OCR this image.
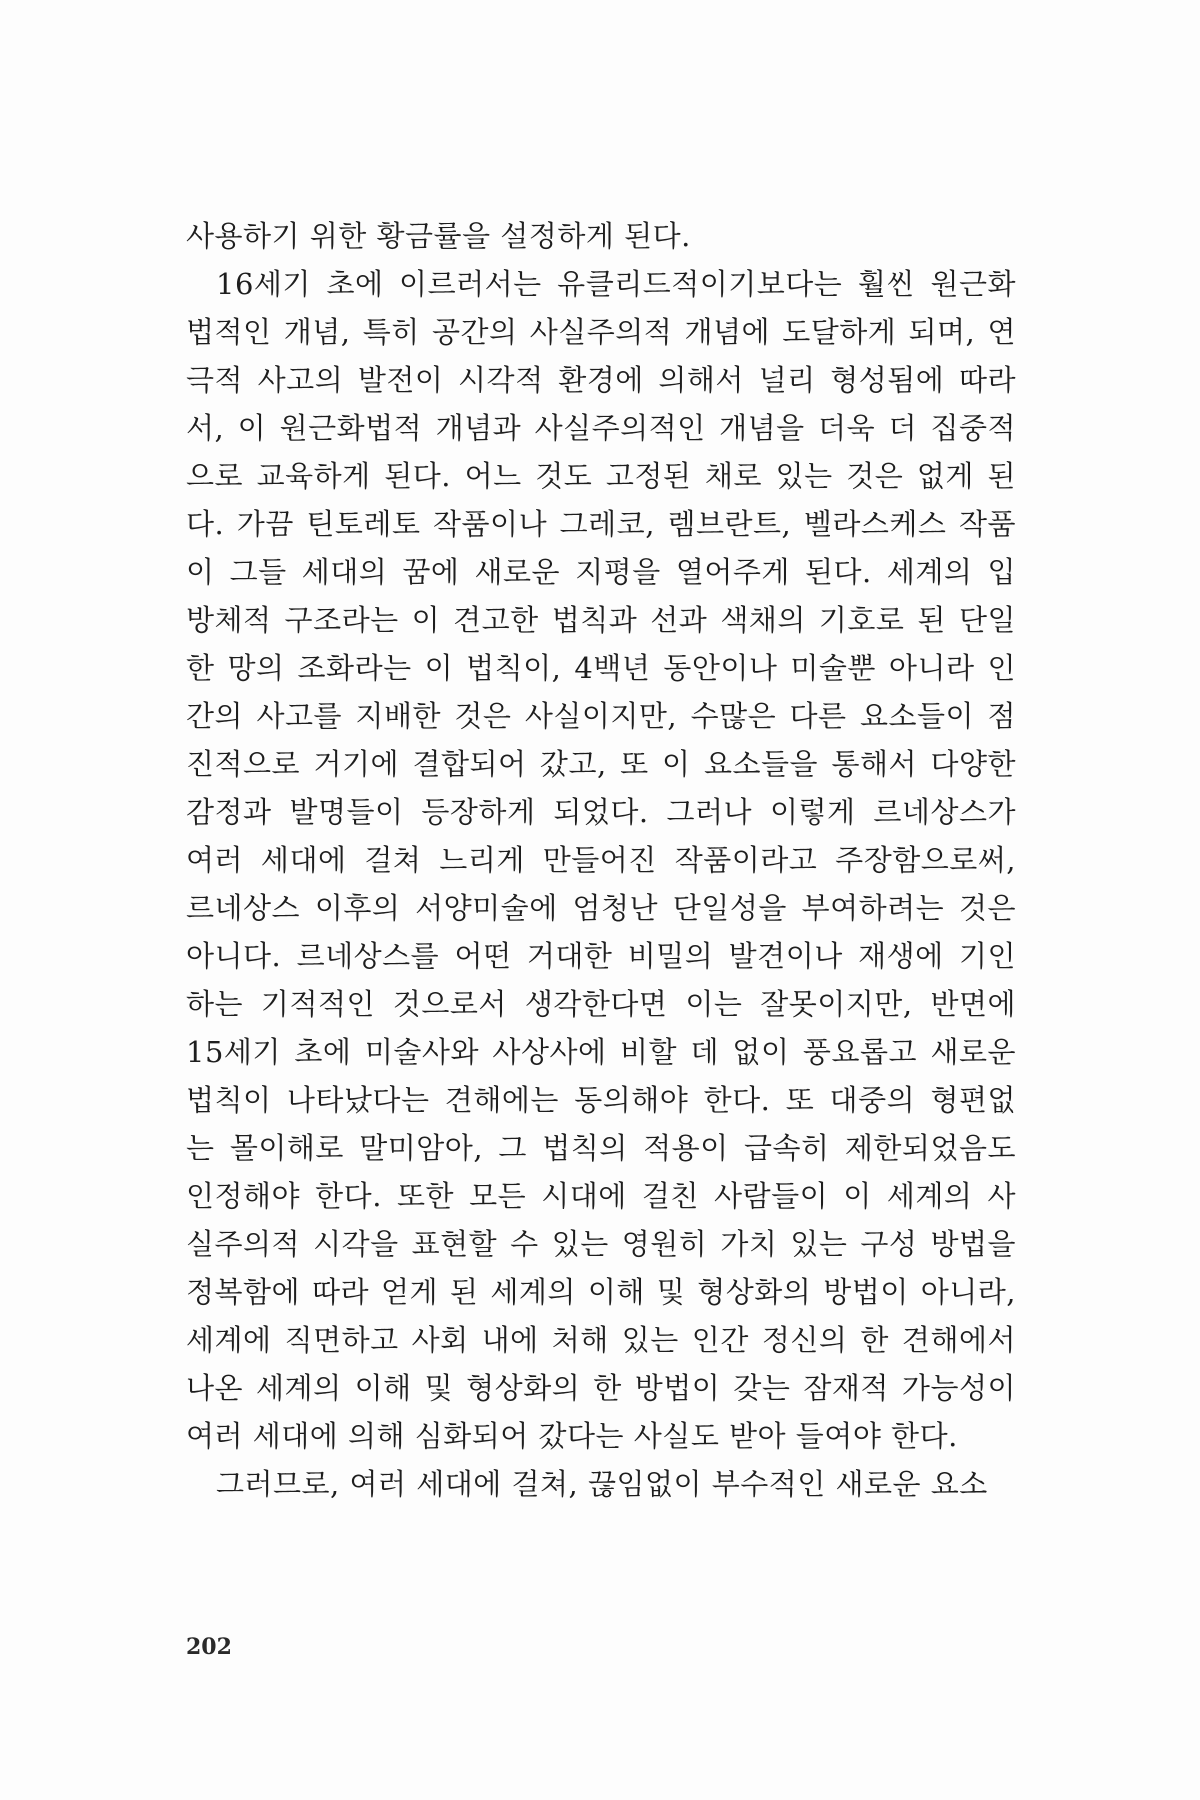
사용하기 위한 황금률을 설정하게 된다.
16세기 초에 이르러서는 유클리드적이기보다는 훨씬 원근화
법적인 개념, 특히 공간의 사실주의적 개념에 도달하게 되며, 연
극적 사고의 발전이 시각적 환경에 의해서 널리 형성됨에 따라
서, 이 원근화법적 개념과 사실주의적인 개념을 더욱 더 집중적
으로 교육하게 된다. 어느 것도 고정된 채로 있는 것은 없게 된
다. 가끔 틴토레토 작품이나 그레코, 렘브란트, 벨라스케스 작품
이 그들 세대의 꿈에 새로운 지평을 열어주게 된다. 세계의 입
방체적 구조라는 이 견고한 법칙과 선과 색채의 기호로 된 단일
한 망의 조화라는 이 법칙이, 4백년 동안이나 미술뿐 아니라 인
간의 사고를 지배한 것은 사실이지만, 수많은 다른 요소들이 점
진적으로 거기에 결합되어 갔고, 또 이 요소들을 통해서 다양한
감정과 발명들이 등장하게 되었다. 그러나 이렇게 르네상스가
여러 세대에 걸쳐 느리게 만들어진 작품이라고 주장함으로써,
르네상스 이후의 서양미술에 엄청난 단일성을 부여하려는 것은
아니다. 르네상스를 어떤 거대한 비밀의 발견이나 재생에 기인
하는 기적적인 것으로서 생각한다면 이는 잘못이지만, 반면에
15세기 초에 미술사와 사상사에 비할 데 없이 풍요롭고 새로운
법칙이 나타났다는 견해에는 동의해야 한다. 또 대중의 형편없
는 몰이해로 말미암아, 그 법칙의 적용이 급속히 제한되었음도
인정해야 한다. 또한 모든 시대에 걸친 사람들이 이 세계의 사
실주의적 시각을 표현할 수 있는 영원히 가치 있는 구성 방법을
정복함에 따라 얻게 된 세계의 이해 및 형상화의 방법이 아니라,
세계에 직면하고 사회 내에 처해 있는 인간 정신의 한 견해에서
나온 세계의 이해 및 형상화의 한 방법이 갖는 잠재적 가능성이
여러 세대에 의해 심화되어 갔다는 사실도 받아 들여야 한다.
그러므로, 여러 세대에 걸쳐, 끊임없이 부수적인 새로운 요소
202
